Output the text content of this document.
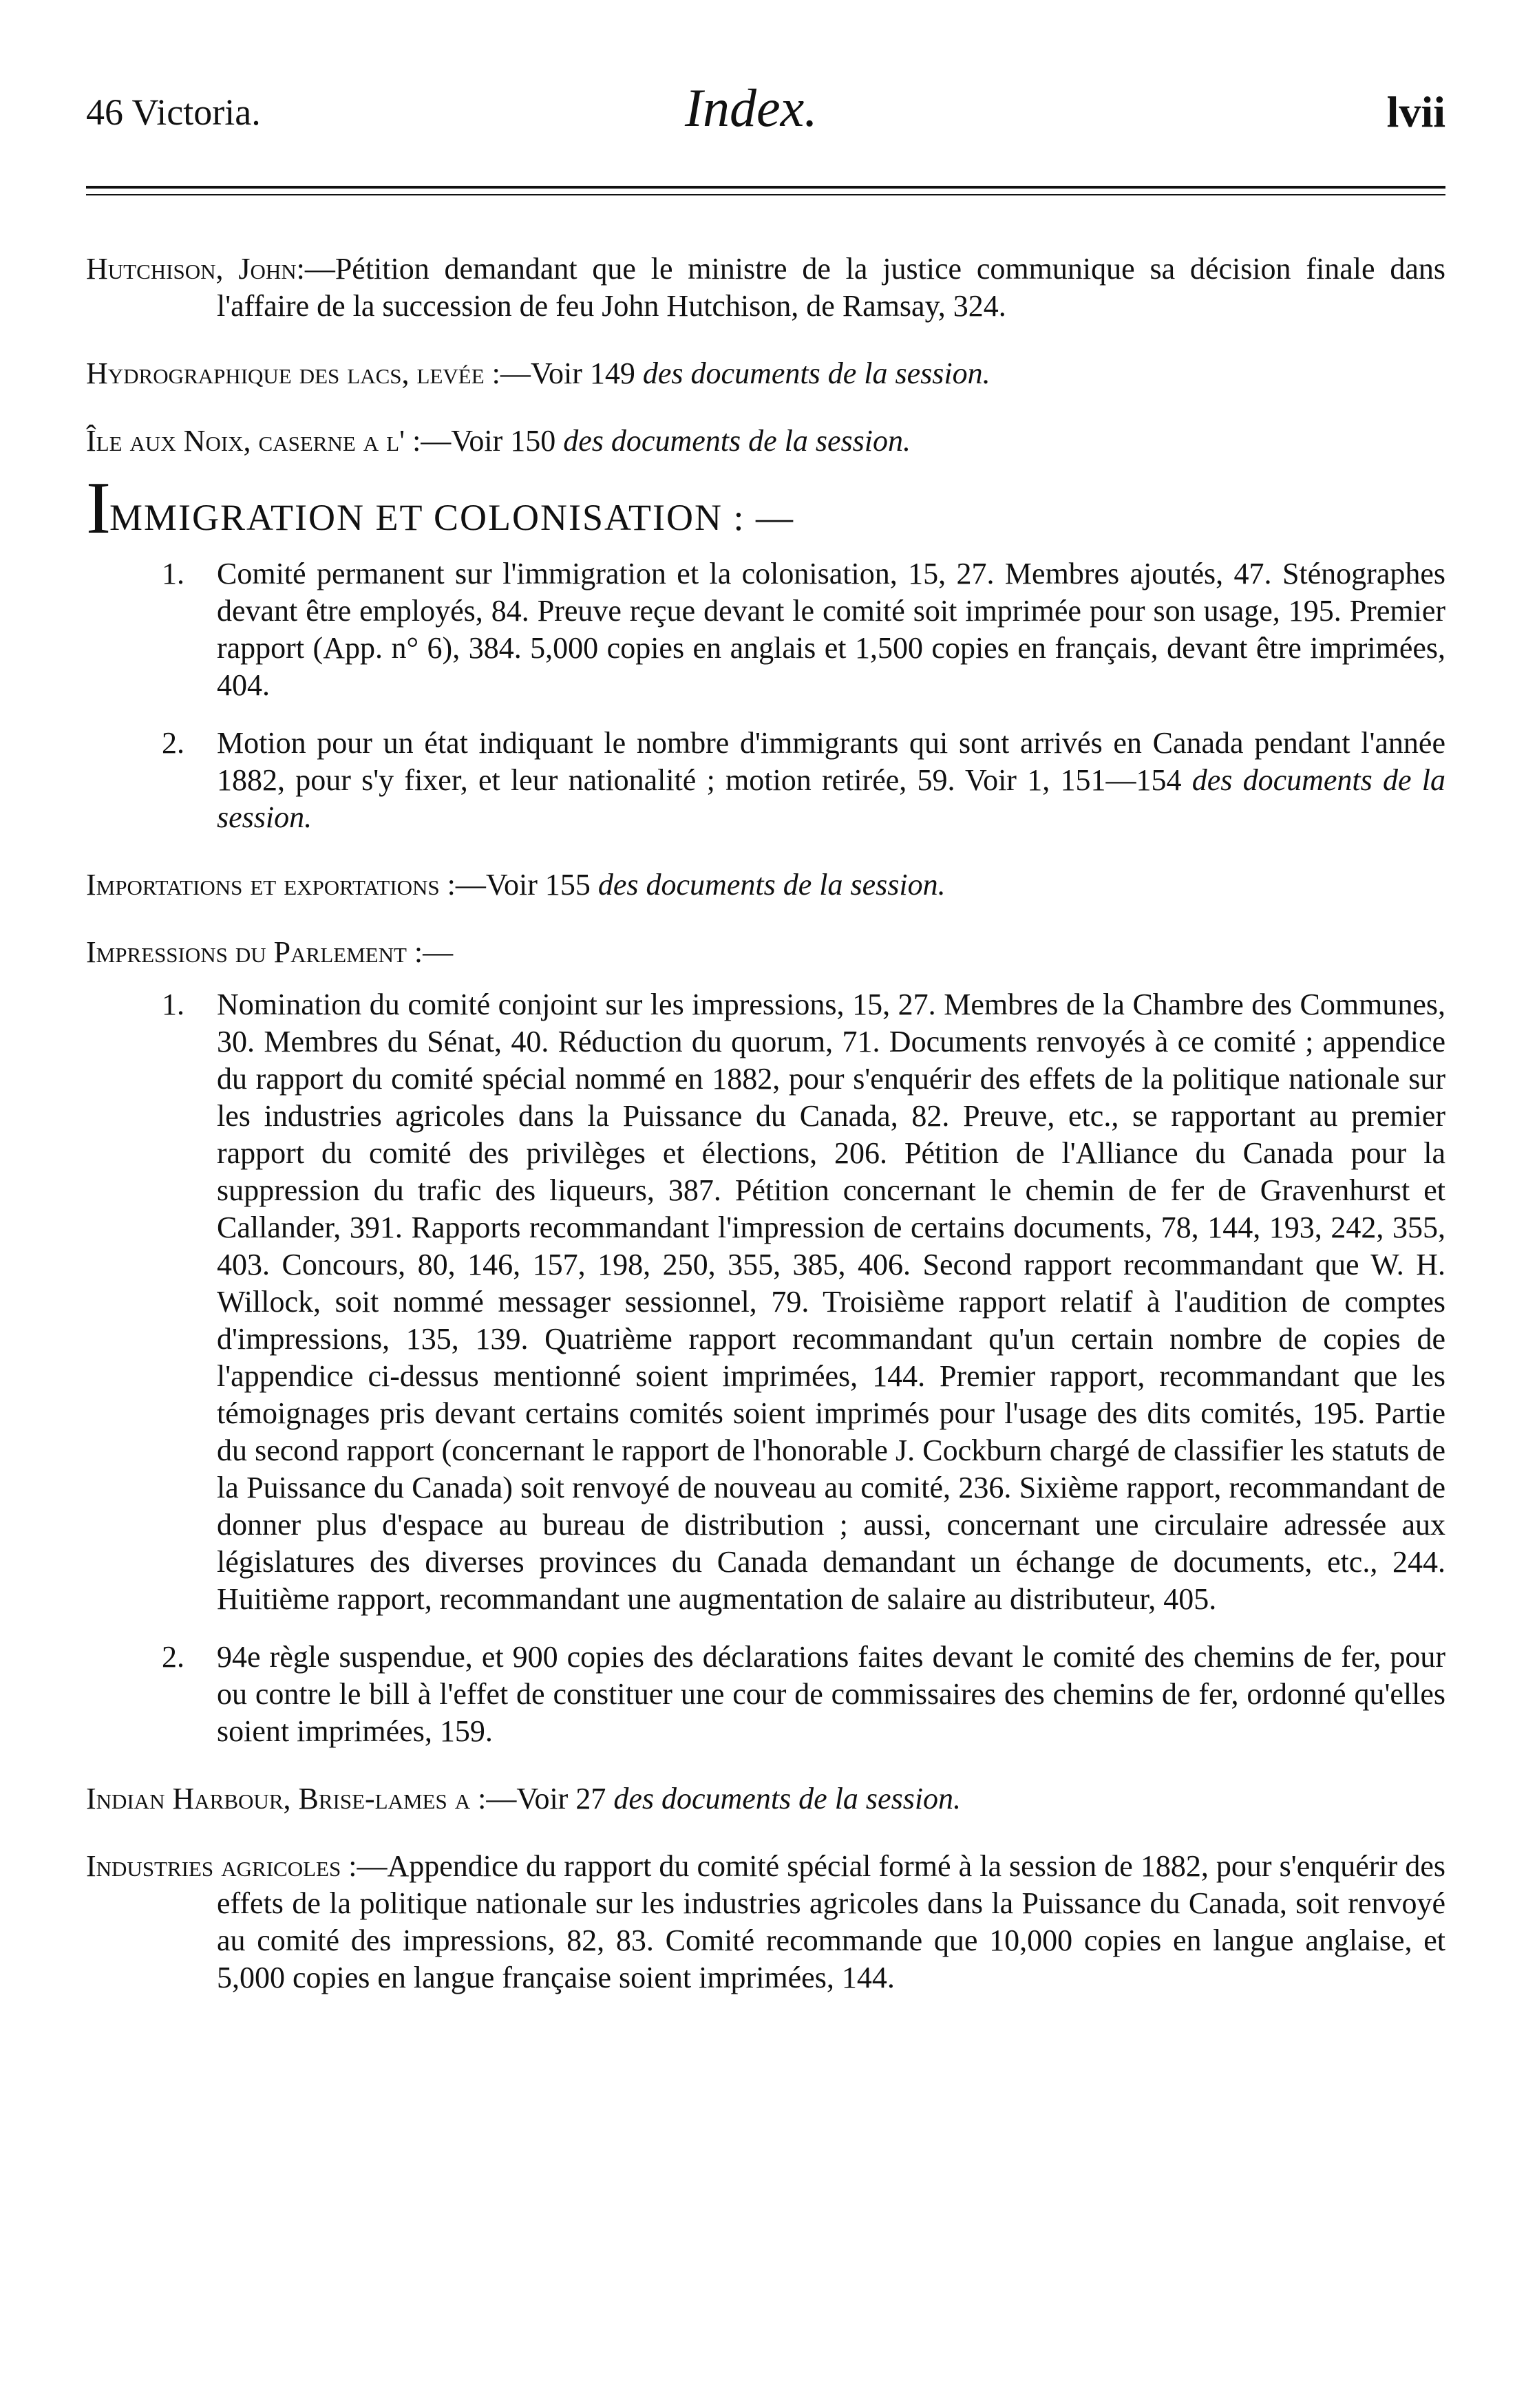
46 Victoria.	Index.	lvii

Hutchison, John:—Pétition demandant que le ministre de la justice communique sa décision finale dans l'affaire de la succession de feu John Hutchison, de Ramsay, 324.

Hydrographique des lacs, levée :—Voir 149 des documents de la session.

Île aux Noix, caserne a l' :—Voir 150 des documents de la session.

IMMIGRATION ET COLONISATION : —
1. Comité permanent sur l'immigration et la colonisation, 15, 27. Membres ajoutés, 47. Sténographes devant être employés, 84. Preuve reçue devant le comité soit imprimée pour son usage, 195. Premier rapport (App. n° 6), 384. 5,000 copies en anglais et 1,500 copies en français, devant être imprimées, 404.
2. Motion pour un état indiquant le nombre d'immigrants qui sont arrivés en Canada pendant l'année 1882, pour s'y fixer, et leur nationalité ; motion retirée, 59. Voir 1, 151—154 des documents de la session.

Importations et exportations :—Voir 155 des documents de la session.

Impressions du Parlement :—

1. Nomination du comité conjoint sur les impressions, 15, 27. Membres de la Chambre des Communes, 30. Membres du Sénat, 40. Réduction du quorum, 71. Documents renvoyés à ce comité ; appendice du rapport du comité spécial nommé en 1882, pour s'enquérir des effets de la politique nationale sur les industries agricoles dans la Puissance du Canada, 82. Preuve, etc., se rapportant au premier rapport du comité des privilèges et élections, 206. Pétition de l'Alliance du Canada pour la suppression du trafic des liqueurs, 387. Pétition concernant le chemin de fer de Gravenhurst et Callander, 391. Rapports recommandant l'impression de certains documents, 78, 144, 193, 242, 355, 403. Concours, 80, 146, 157, 198, 250, 355, 385, 406. Second rapport recommandant que W. H. Willock, soit nommé messager sessionnel, 79. Troisième rapport relatif à l'audition de comptes d'impressions, 135, 139. Quatrième rapport recommandant qu'un certain nombre de copies de l'appendice ci-dessus mentionné soient imprimées, 144. Premier rapport, recommandant que les témoignages pris devant certains comités soient imprimés pour l'usage des dits comités, 195. Partie du second rapport (concernant le rapport de l'honorable J. Cockburn chargé de classifier les statuts de la Puissance du Canada) soit renvoyé de nouveau au comité, 236. Sixième rapport, recommandant de donner plus d'espace au bureau de distribution ; aussi, concernant une circulaire adressée aux législatures des diverses provinces du Canada demandant un échange de documents, etc., 244. Huitième rapport, recommandant une augmentation de salaire au distributeur, 405.
2. 94e règle suspendue, et 900 copies des déclarations faites devant le comité des chemins de fer, pour ou contre le bill à l'effet de constituer une cour de commissaires des chemins de fer, ordonné qu'elles soient imprimées, 159.

Indian Harbour, Brise-lames a :—Voir 27 des documents de la session.

Industries agricoles :—Appendice du rapport du comité spécial formé à la session de 1882, pour s'enquérir des effets de la politique nationale sur les industries agricoles dans la Puissance du Canada, soit renvoyé au comité des impressions, 82, 83. Comité recommande que 10,000 copies en langue anglaise, et 5,000 copies en langue française soient imprimées, 144.
